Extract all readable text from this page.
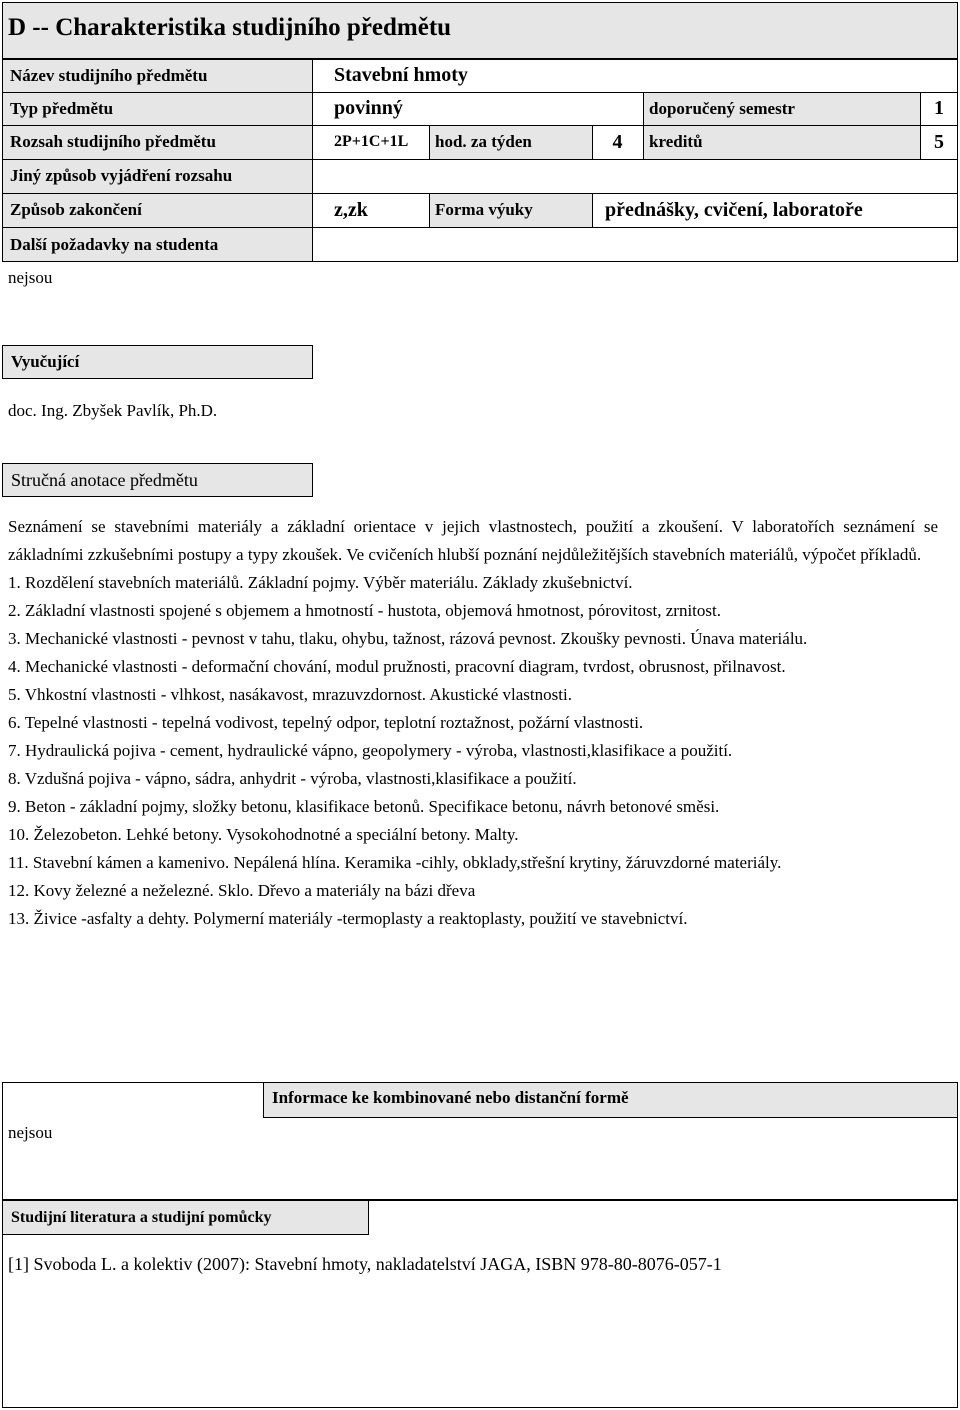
D -- Charakteristika studijního předmětu
Název studijního předmětu	Stavební hmoty
Typ předmětu	povinný	doporučený semestr	1
Rozsah studijního předmětu	2P+1C+1L	hod. za týden	4	kreditů	5
Jiný způsob vyjádření rozsahu
Způsob zakončení	z,zk	Forma výuky	přednášky, cvičení, laboratoře
Další požadavky na studenta
nejsou
Vyučující
doc. Ing. Zbyšek Pavlík, Ph.D.
Stručná anotace předmětu
Seznámení se stavebními materiály a základní orientace v jejich vlastnostech, použití a zkoušení. V laboratořích seznámení se základními zzkušebními postupy a typy zkoušek. Ve cvičeních hlubší poznání nejdůležitějších stavebních materiálů, výpočet příkladů.
1. Rozdělení stavebních materiálů. Základní pojmy. Výběr materiálu. Základy zkušebnictví.
2. Základní vlastnosti spojené s objemem a hmotností - hustota, objemová hmotnost, pórovitost, zrnitost.
3. Mechanické vlastnosti - pevnost v tahu, tlaku, ohybu, tažnost, rázová pevnost. Zkoušky pevnosti. Únava materiálu.
4. Mechanické vlastnosti - deformační chování, modul pružnosti, pracovní diagram, tvrdost, obrusnost, přilnavost.
5. Vhkostní vlastnosti - vlhkost, nasákavost, mrazuvzdornost. Akustické vlastnosti.
6. Tepelné vlastnosti - tepelná vodivost, tepelný odpor, teplotní roztažnost, požární vlastnosti.
7. Hydraulická pojiva - cement, hydraulické vápno, geopolymery - výroba, vlastnosti,klasifikace a použití.
8. Vzdušná pojiva - vápno, sádra, anhydrit - výroba, vlastnosti,klasifikace a použití.
9. Beton - základní pojmy, složky betonu, klasifikace betonů. Specifikace betonu, návrh betonové směsi.
10. Železobeton. Lehké betony. Vysokohodnotné a speciální betony. Malty.
11. Stavební kámen a kamenivo. Nepálená hlína. Keramika -cihly, obklady,střešní krytiny, žáruvzdorné materiály.
12. Kovy železné a neželezné. Sklo. Dřevo a materiály na bázi dřeva
13. Živice -asfalty a dehty. Polymerní materiály -termoplasty a reaktoplasty, použití ve stavebnictví.
Informace ke kombinované nebo distanční formě
nejsou
Studijní literatura a studijní pomůcky
[1] Svoboda L. a kolektiv (2007): Stavební hmoty, nakladatelství JAGA, ISBN 978-80-8076-057-1
